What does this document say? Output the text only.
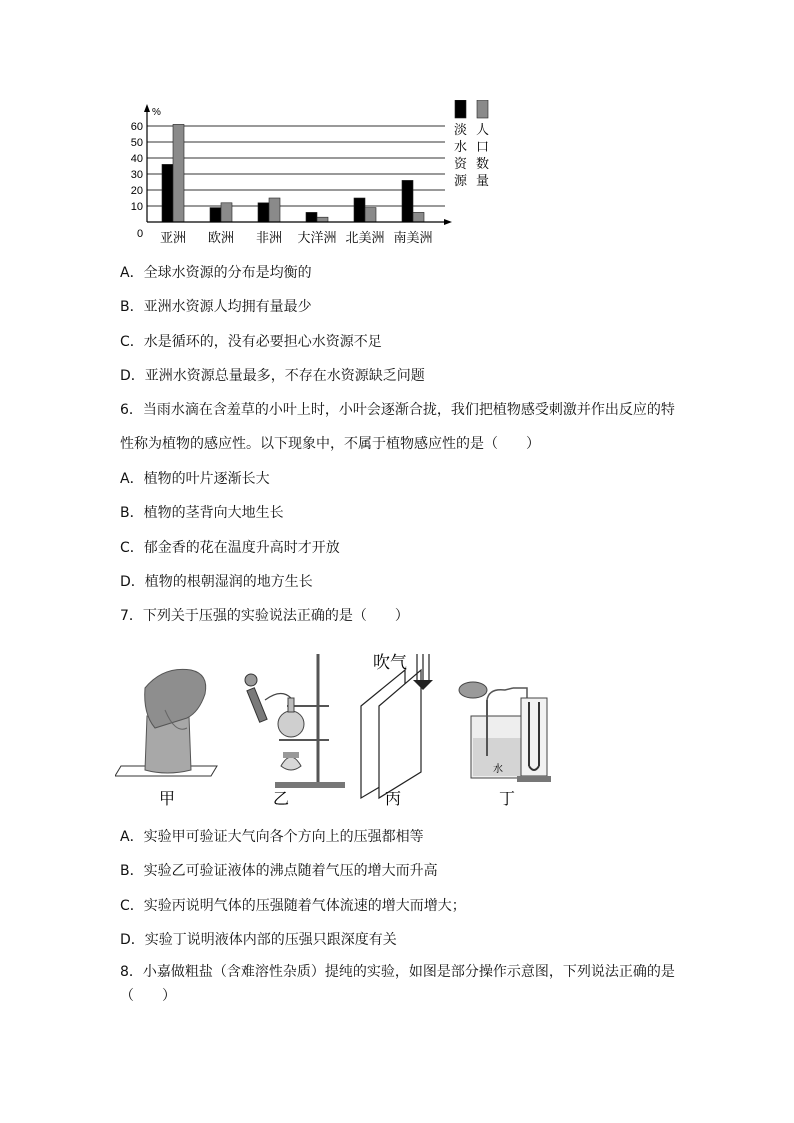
%
0
10
20
30
40
50
60
亚洲 欧洲 非洲 大洋洲 北美洲 南美洲
淡水资源
人口数量
A．全球水资源的分布是均衡的
B．亚洲水资源人均拥有量最少
C．水是循环的，没有必要担心水资源不足
D．亚洲水资源总量最多，不存在水资源缺乏问题
6．当雨水滴在含羞草的小叶上时，小叶会逐渐合拢，我们把植物感受刺激并作出反应的特性称为植物的感应性。以下现象中，不属于植物感应性的是（　　）
A．植物的叶片逐渐长大
B．植物的茎背向大地生长
C．郁金香的花在温度升高时才开放
D．植物的根朝湿润的地方生长
7．下列关于压强的实验说法正确的是（　　）
吹气
水
甲	乙	丙	丁
A．实验甲可验证大气向各个方向上的压强都相等
B．实验乙可验证液体的沸点随着气压的增大而升高
C．实验丙说明气体的压强随着气体流速的增大而增大；
D．实验丁说明液体内部的压强只跟深度有关
8．小嘉做粗盐（含难溶性杂质）提纯的实验，如图是部分操作示意图，下列说法正确的是（　　）
